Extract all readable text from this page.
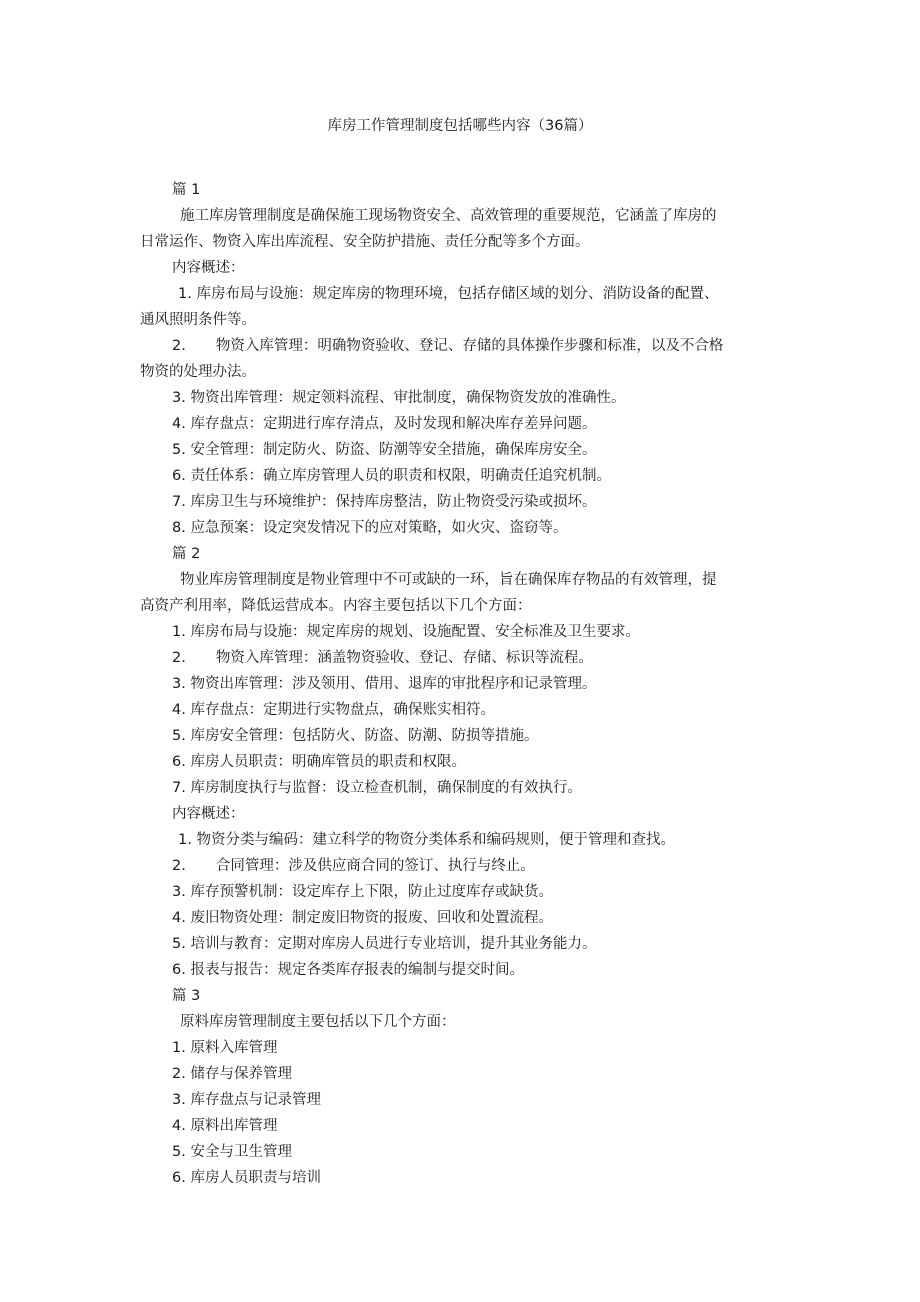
库房工作管理制度包括哪些内容（36篇）
篇 1
施工库房管理制度是确保施工现场物资安全、高效管理的重要规范，它涵盖了库房的
日常运作、物资入库出库流程、安全防护措施、责任分配等多个方面。
内容概述：
1. 库房布局与设施：规定库房的物理环境，包括存储区域的划分、消防设备的配置、
通风照明条件等。
2. 物资入库管理：明确物资验收、登记、存储的具体操作步骤和标准，以及不合格
物资的处理办法。
3. 物资出库管理：规定领料流程、审批制度，确保物资发放的准确性。
4. 库存盘点：定期进行库存清点，及时发现和解决库存差异问题。
5. 安全管理：制定防火、防盗、防潮等安全措施，确保库房安全。
6. 责任体系：确立库房管理人员的职责和权限，明确责任追究机制。
7. 库房卫生与环境维护：保持库房整洁，防止物资受污染或损坏。
8. 应急预案：设定突发情况下的应对策略，如火灾、盗窃等。
篇 2
物业库房管理制度是物业管理中不可或缺的一环，旨在确保库存物品的有效管理，提
高资产利用率，降低运营成本。内容主要包括以下几个方面：
1. 库房布局与设施：规定库房的规划、设施配置、安全标准及卫生要求。
2. 物资入库管理：涵盖物资验收、登记、存储、标识等流程。
3. 物资出库管理：涉及领用、借用、退库的审批程序和记录管理。
4. 库存盘点：定期进行实物盘点，确保账实相符。
5. 库房安全管理：包括防火、防盗、防潮、防损等措施。
6. 库房人员职责：明确库管员的职责和权限。
7. 库房制度执行与监督：设立检查机制，确保制度的有效执行。
内容概述：
1. 物资分类与编码：建立科学的物资分类体系和编码规则，便于管理和查找。
2. 合同管理：涉及供应商合同的签订、执行与终止。
3. 库存预警机制：设定库存上下限，防止过度库存或缺货。
4. 废旧物资处理：制定废旧物资的报废、回收和处置流程。
5. 培训与教育：定期对库房人员进行专业培训，提升其业务能力。
6. 报表与报告：规定各类库存报表的编制与提交时间。
篇 3
原料库房管理制度主要包括以下几个方面：
1. 原料入库管理
2. 储存与保养管理
3. 库存盘点与记录管理
4. 原料出库管理
5. 安全与卫生管理
6. 库房人员职责与培训
